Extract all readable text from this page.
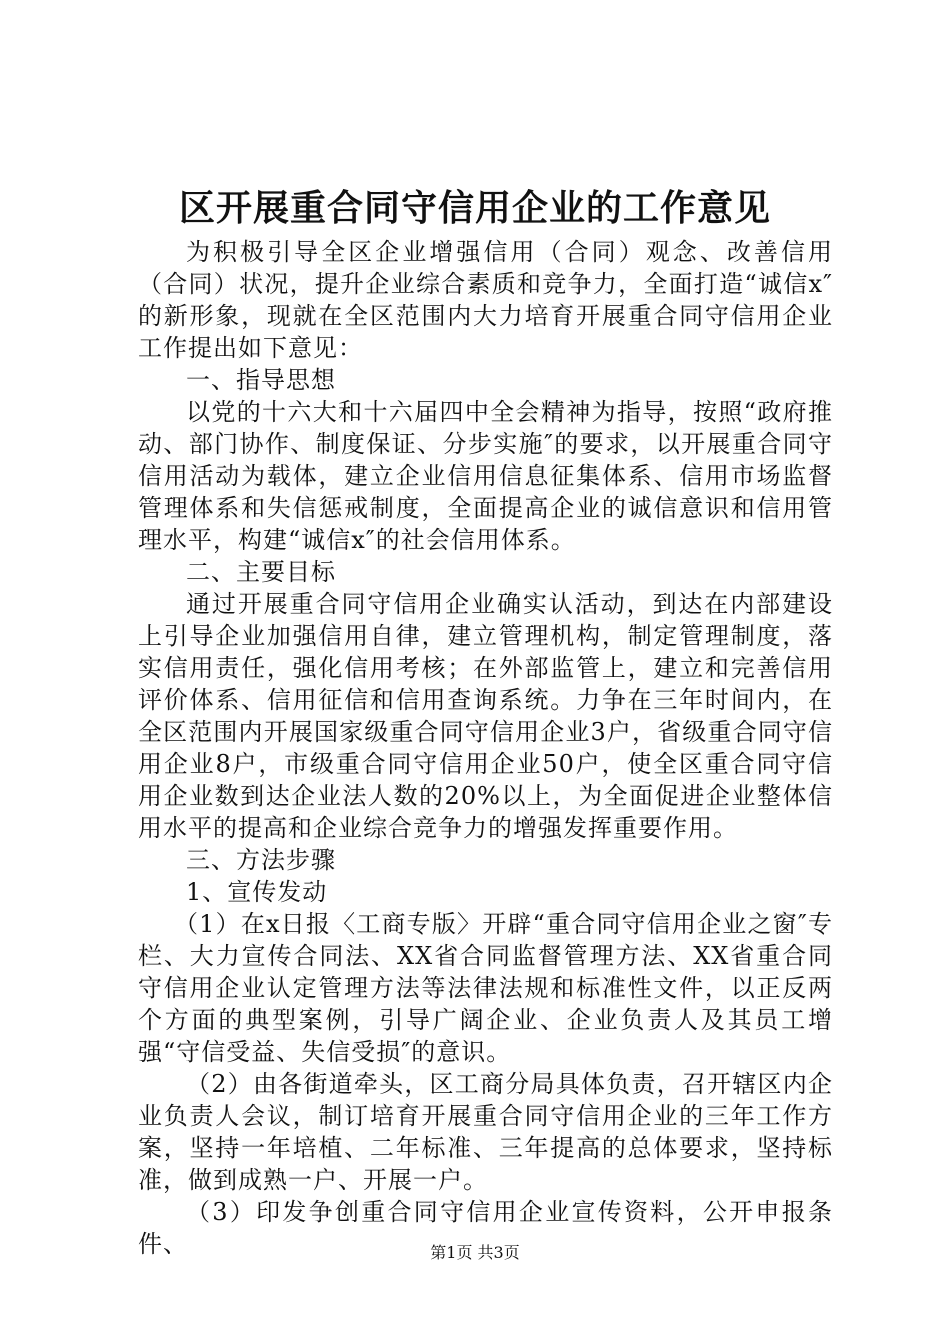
区开展重合同守信用企业的工作意见

为积极引导全区企业增强信用（合同）观念、改善信用（合同）状况，提升企业综合素质和竞争力，全面打造“诚信x″的新形象，现就在全区范围内大力培育开展重合同守信用企业工作提出如下意见：

一、指导思想

以党的十六大和十六届四中全会精神为指导，按照“政府推动、部门协作、制度保证、分步实施″的要求，以开展重合同守信用活动为载体，建立企业信用信息征集体系、信用市场监督管理体系和失信惩戒制度，全面提高企业的诚信意识和信用管理水平，构建“诚信x″的社会信用体系。

二、主要目标

通过开展重合同守信用企业确实认活动，到达在内部建设上引导企业加强信用自律，建立管理机构，制定管理制度，落实信用责任，强化信用考核；在外部监管上，建立和完善信用评价体系、信用征信和信用查询系统。力争在三年时间内，在全区范围内开展国家级重合同守信用企业3户，省级重合同守信用企业8户，市级重合同守信用企业50户，使全区重合同守信用企业数到达企业法人数的20%以上，为全面促进企业整体信用水平的提高和企业综合竞争力的增强发挥重要作用。

三、方法步骤

1、宣传发动

（1）在x日报〈工商专版〉开辟“重合同守信用企业之窗″专栏、大力宣传合同法、XX省合同监督管理方法、XX省重合同守信用企业认定管理方法等法律法规和标准性文件，以正反两个方面的典型案例，引导广阔企业、企业负责人及其员工增强“守信受益、失信受损″的意识。

（2）由各街道牵头，区工商分局具体负责，召开辖区内企业负责人会议，制订培育开展重合同守信用企业的三年工作方案，坚持一年培植、二年标准、三年提高的总体要求，坚持标准，做到成熟一户、开展一户。

（3）印发争创重合同守信用企业宣传资料，公开申报条件、	第1页 共3页
